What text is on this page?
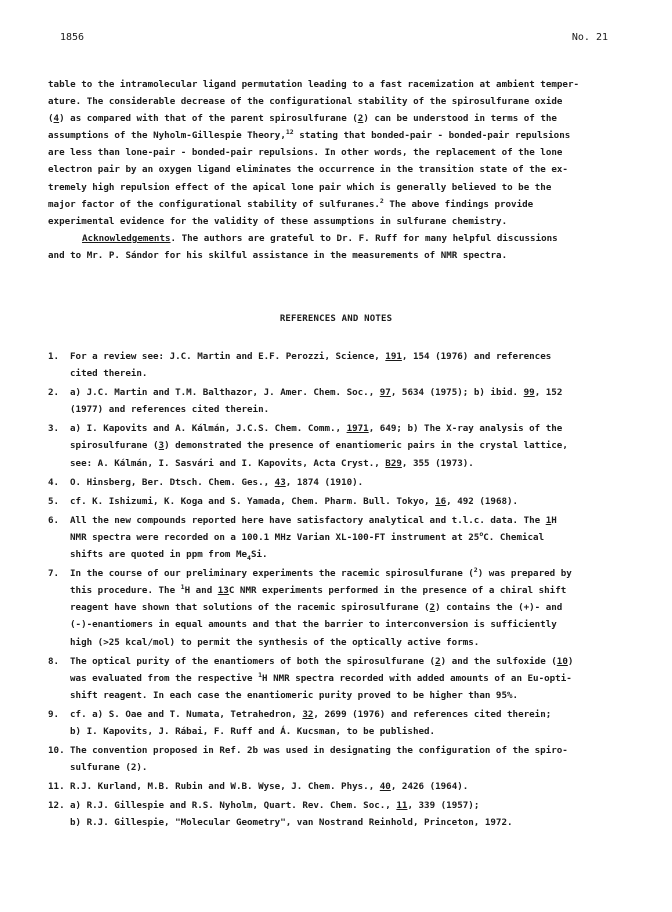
1856	No. 21

table to the intramolecular ligand permutation leading to a fast racemization at ambient temper-

ature. The considerable decrease of the configurational stability of the spirosulfurane oxide

(4) as compared with that of the parent spirosulfurane (2) can be understood in terms of the

assumptions of the Nyholm-Gillespie Theory,$^{12}$ stating that bonded-pair - bonded-pair repulsions

are less than lone-pair - bonded-pair repulsions. In other words, the replacement of the lone

electron pair by an oxygen ligand eliminates the occurrence in the transition state of the ex-

tremely high repulsion effect of the apical lone pair which is generally believed to be the

major factor of the configurational stability of sulfuranes.$^2$ The above findings provide

experimental evidence for the validity of these assumptions in sulfurane chemistry.

Acknowledgements. The authors are grateful to Dr. F. Ruff for many helpful discussions

and to Mr. P. Sándor for his skilful assistance in the measurements of NMR spectra.

REFERENCES AND NOTES
1. For a review see: J.C. Martin and E.F. Perozzi, Science, 191, 154 (1976) and references
cited therein.
2. a) J.C. Martin and T.M. Balthazor, J. Amer. Chem. Soc., 97, 5634 (1975); b) ibid. 99, 152
(1977) and references cited therein.
3. a) I. Kapovits and A. Kálmán, J.C.S. Chem. Comm., 1971, 649; b) The X-ray analysis of the
spirosulfurane (3) demonstrated the presence of enantiomeric pairs in the crystal lattice,
see: A. Kálmán, I. Sasvári and I. Kapovits, Acta Cryst., B29, 355 (1973).
4. O. Hinsberg, Ber. Dtsch. Chem. Ges., 43, 1874 (1910).
5. cf. K. Ishizumi, K. Koga and S. Yamada, Chem. Pharm. Bull. Tokyo, 16, 492 (1968).
6. All the new compounds reported here have satisfactory analytical and t.l.c. data. The 1H
NMR spectra were recorded on a 100.1 MHz Varian XL-100-FT instrument at 25$^o$C. Chemical
shifts are quoted in ppm from $Me_4Si$.
7. In the course of our preliminary experiments the racemic spirosulfurane ($^2$) was prepared by
this procedure. The $^1$H and 13C NMR experiments performed in the presence of a chiral shift
reagent have shown that solutions of the racemic spirosulfurane (2) contains the (+)- and
(-)-enantiomers in equal amounts and that the barrier to interconversion is sufficiently
high (>25 kcal/mol) to permit the synthesis of the optically active forms.
8. The optical purity of the enantiomers of both the spirosulfurane (2) and the sulfoxide (10)
was evaluated from the respective $^1$H NMR spectra recorded with added amounts of an Eu-opti-
shift reagent. In each case the enantiomeric purity proved to be higher than 95%.
9. cf. a) S. Oae and T. Numata, Tetrahedron, 32, 2699 (1976) and references cited therein;
b) I. Kapovits, J. Rábai, F. Ruff and Á. Kucsman, to be published.
10. The convention proposed in Ref. 2b was used in designating the configuration of the spiro-
sulfurane (2).
11. R.J. Kurland, M.B. Rubin and W.B. Wyse, J. Chem. Phys., 40, 2426 (1964).
12. a) R.J. Gillespie and R.S. Nyholm, Quart. Rev. Chem. Soc., 11, 339 (1957);
b) R.J. Gillespie, "Molecular Geometry", van Nostrand Reinhold, Princeton, 1972.
